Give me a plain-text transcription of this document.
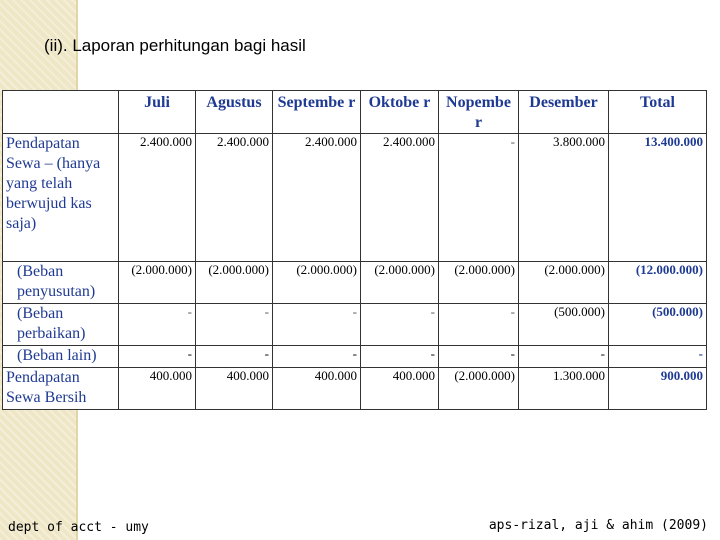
(ii). Laporan perhitungan bagi hasil
	Juli	Agustus	Septembe r	Oktobe r	Nopembe r	Desember	Total
Pendapatan Sewa – (hanya yang telah berwujud kas saja)	2.400.000	2.400.000	2.400.000	2.400.000	-	3.800.000	13.400.000
(Beban penyusutan)	(2.000.000)	(2.000.000)	(2.000.000)	(2.000.000)	(2.000.000)	(2.000.000)	(12.000.000)
(Beban perbaikan)	-	-	-	-	-	(500.000)	(500.000)
(Beban lain)	-	-	-	-	-	-	-
Pendapatan Sewa Bersih	400.000	400.000	400.000	400.000	(2.000.000)	1.300.000	900.000
dept of acct - umy	aps-rizal, aji & ahim (2009)
